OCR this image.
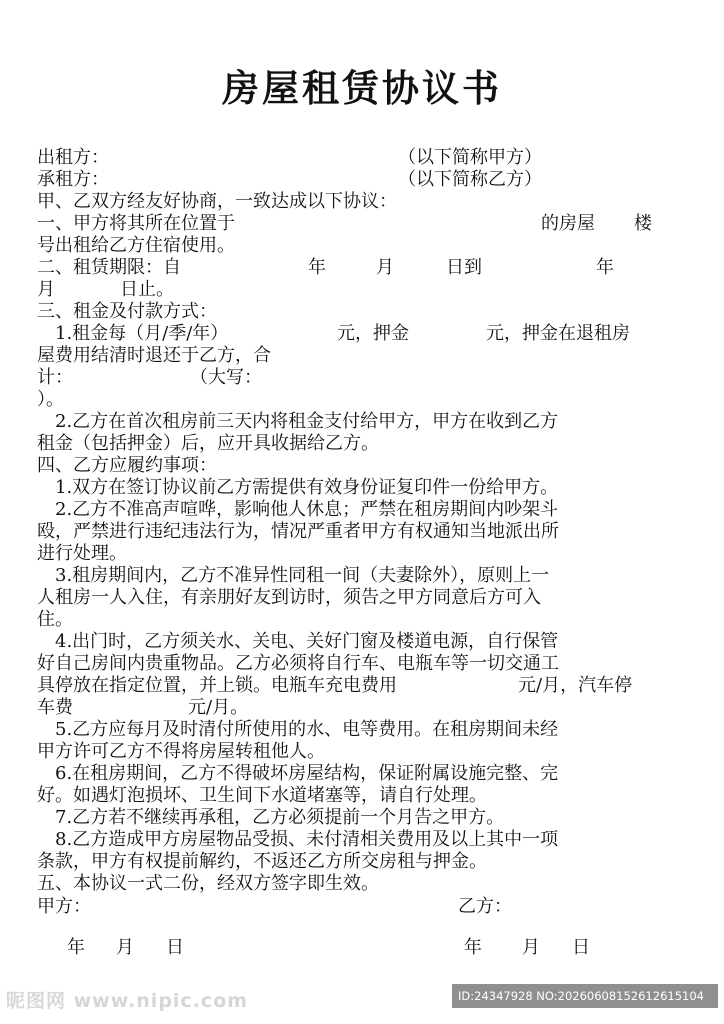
房屋租赁协议书
出租方：	（以下简称甲方）
承租方：	（以下简称乙方）
甲、乙双方经友好协商，一致达成以下协议：
一、甲方将其所在位置于	的房屋 楼
号出租给乙方住宿使用。
二、租赁期限：自	年	月	日到	年
月	日止。
三、租金及付款方式：
1.租金每（月/季/年）	元，押金	元，押金在退租房
屋费用结清时退还于乙方，合
计：	（大写：
）。
2.乙方在首次租房前三天内将租金支付给甲方，甲方在收到乙方
租金（包括押金）后，应开具收据给乙方。
四、乙方应履约事项：
1.双方在签订协议前乙方需提供有效身份证复印件一份给甲方。
2.乙方不准高声喧哗，影响他人休息；严禁在租房期间内吵架斗
殴，严禁进行违纪违法行为，情况严重者甲方有权通知当地派出所
进行处理。
3.租房期间内，乙方不准异性同租一间（夫妻除外），原则上一
人租房一人入住，有亲朋好友到访时，须告之甲方同意后方可入
住。
4.出门时，乙方须关水、关电、关好门窗及楼道电源，自行保管
好自己房间内贵重物品。乙方必须将自行车、电瓶车等一切交通工
具停放在指定位置，并上锁。电瓶车充电费用	元/月，汽车停
车费	元/月。
5.乙方应每月及时清付所使用的水、电等费用。在租房期间未经
甲方许可乙方不得将房屋转租他人。
6.在租房期间，乙方不得破坏房屋结构，保证附属设施完整、完
好。如遇灯泡损坏、卫生间下水道堵塞等，请自行处理。
7.乙方若不继续再承租，乙方必须提前一个月告之甲方。
8.乙方造成甲方房屋物品受损、未付清相关费用及以上其中一项
条款，甲方有权提前解约，不返还乙方所交房租与押金。
五、本协议一式二份，经双方签字即生效。
甲方：	乙方：
年 月 日	年 月 日
昵图网 www.nipic.com	ID:24347928 NO:20260608152612615104
